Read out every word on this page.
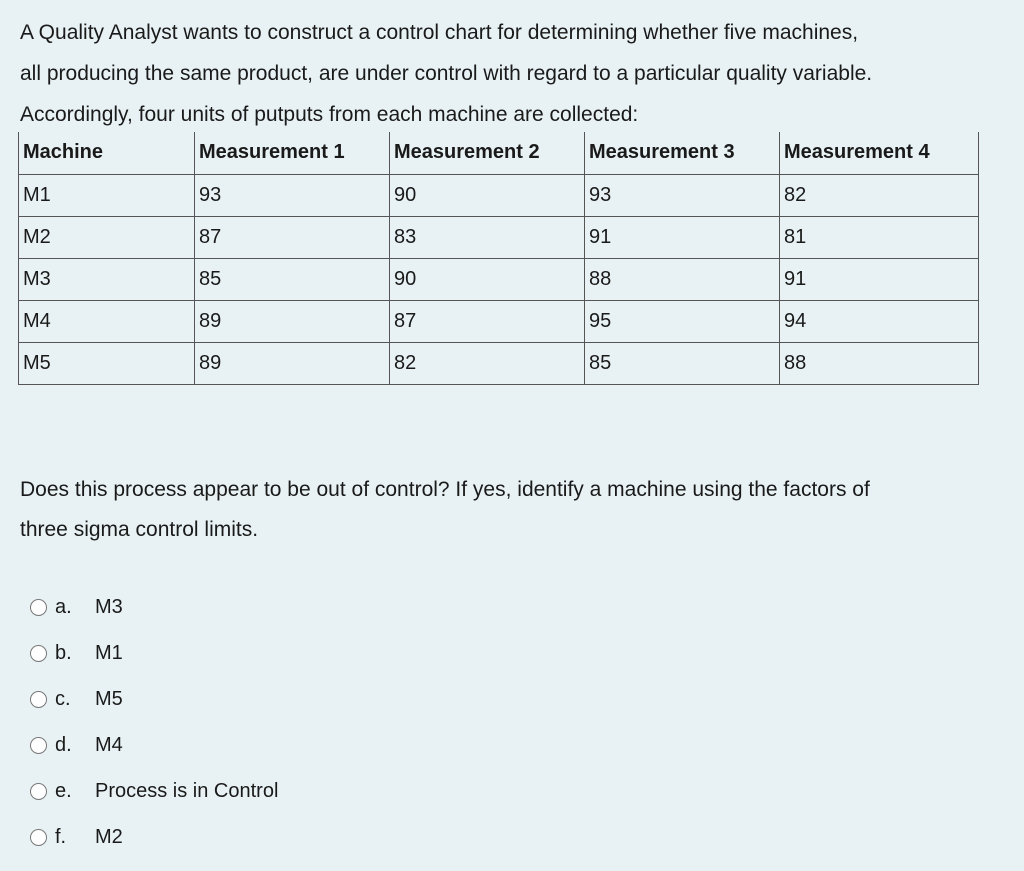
A Quality Analyst wants to construct a control chart for determining whether five machines,

all producing the same product, are under control with regard to a particular quality variable.

Accordingly, four units of putputs from each machine are collected:

Machine	Measurement 1	Measurement 2	Measurement 3	Measurement 4
M1	93	90	93	82
M2	87	83	91	81
M3	85	90	88	91
M4	89	87	95	94
M5	89	82	85	88

Does this process appear to be out of control? If yes, identify a machine using the factors of

three sigma control limits.

a.	M3
b.	M1
c.	M5
d.	M4
e.	Process is in Control
f.	M2
